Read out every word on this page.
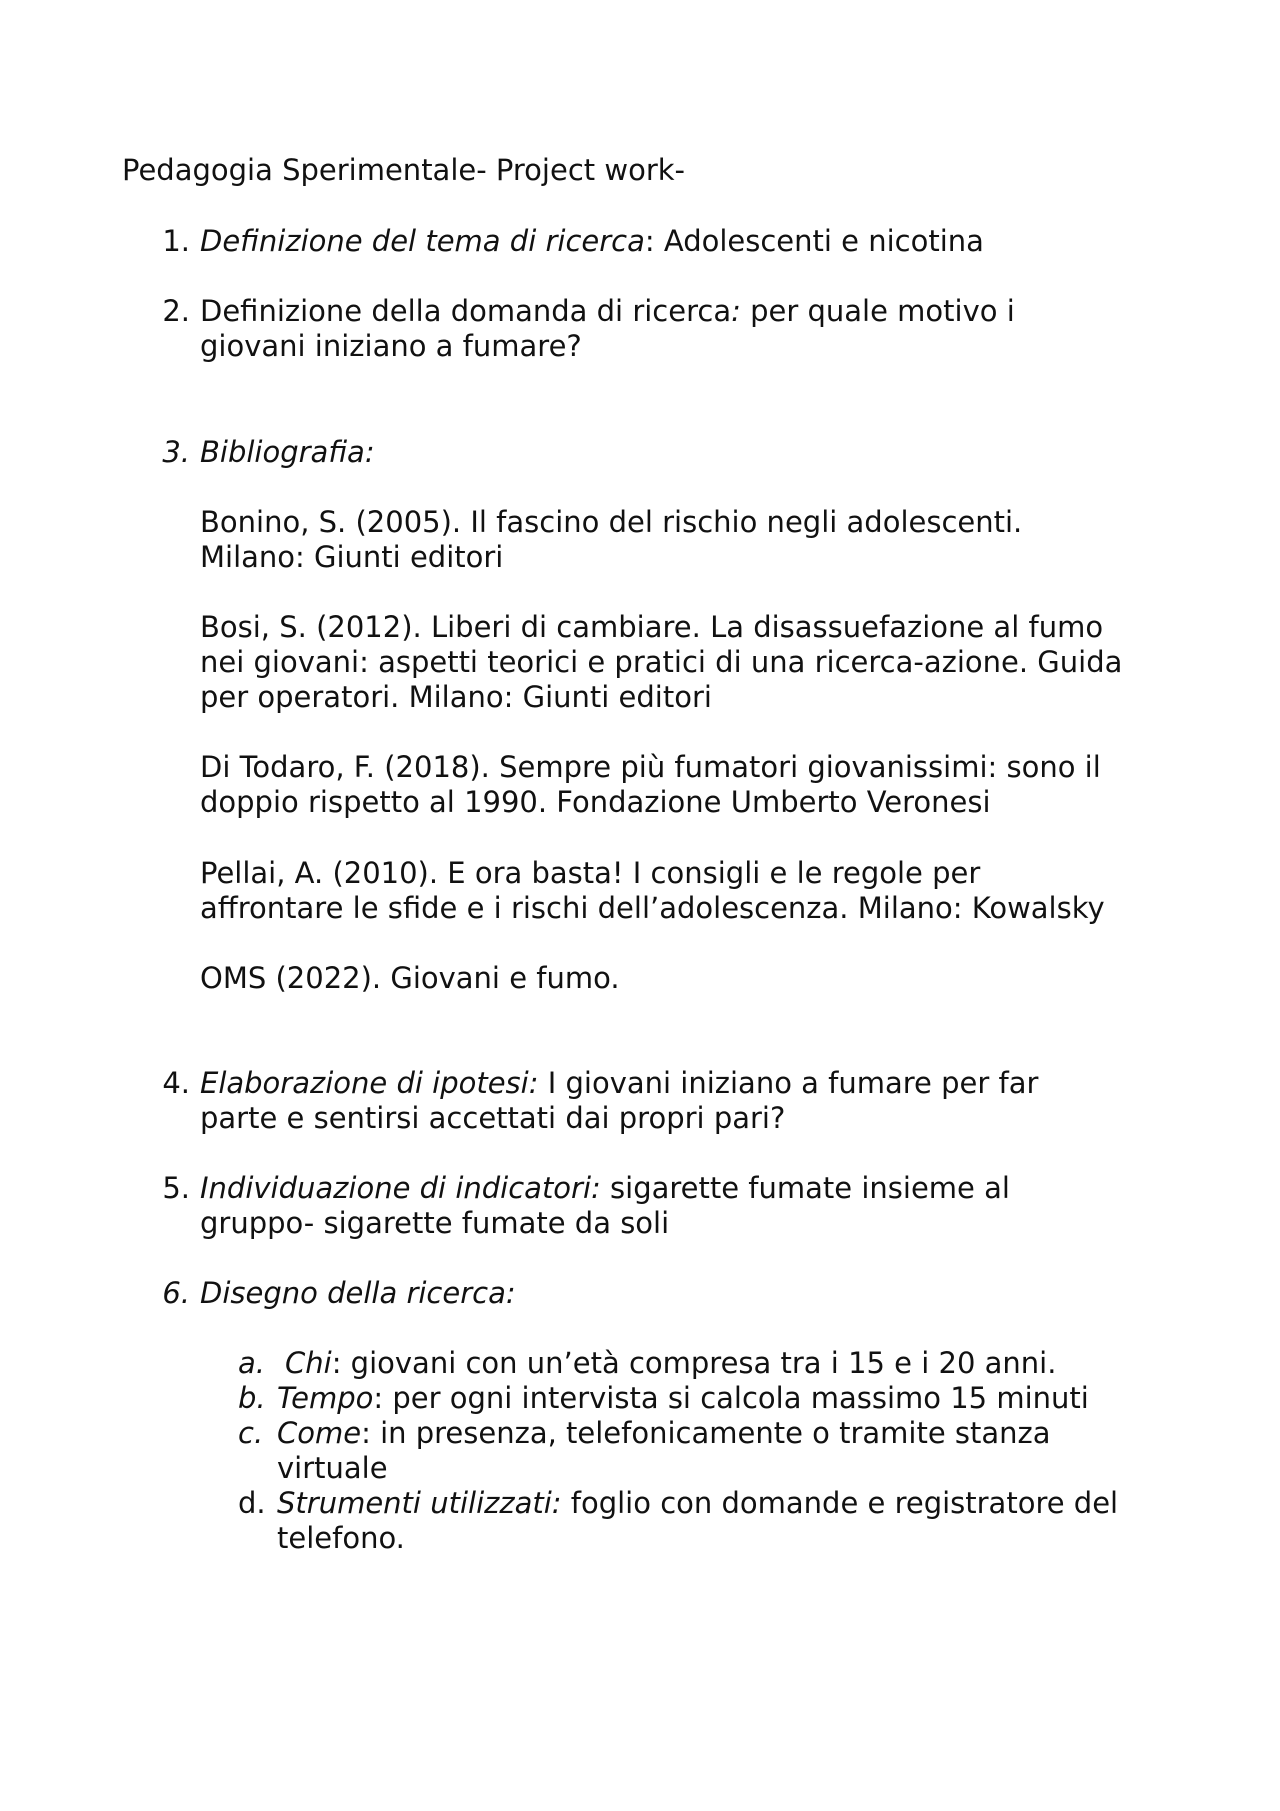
Pedagogia Sperimentale- Project work-
1. Definizione del tema di ricerca: Adolescenti e nicotina
2. Definizione della domanda di ricerca: per quale motivo i
giovani iniziano a fumare?
3. Bibliografia:
Bonino, S. (2005). Il fascino del rischio negli adolescenti.
Milano: Giunti editori
Bosi, S. (2012). Liberi di cambiare. La disassuefazione al fumo
nei giovani: aspetti teorici e pratici di una ricerca-azione. Guida
per operatori. Milano: Giunti editori
Di Todaro, F. (2018). Sempre più fumatori giovanissimi: sono il
doppio rispetto al 1990. Fondazione Umberto Veronesi
Pellai, A. (2010). E ora basta! I consigli e le regole per
affrontare le sfide e i rischi dell’adolescenza. Milano: Kowalsky
OMS (2022). Giovani e fumo.
4. Elaborazione di ipotesi: I giovani iniziano a fumare per far
parte e sentirsi accettati dai propri pari?
5. Individuazione di indicatori: sigarette fumate insieme al
gruppo- sigarette fumate da soli
6. Disegno della ricerca:
a. Chi: giovani con un’età compresa tra i 15 e i 20 anni.
b. Tempo: per ogni intervista si calcola massimo 15 minuti
c. Come: in presenza, telefonicamente o tramite stanza
virtuale
d. Strumenti utilizzati: foglio con domande e registratore del
telefono.
